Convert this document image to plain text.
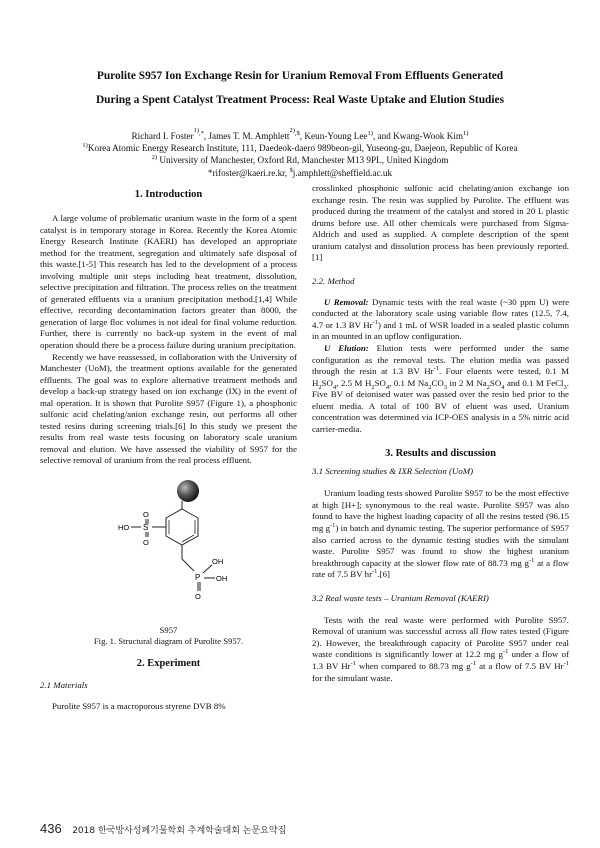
Purolite S957 Ion Exchange Resin for Uranium Removal From Effluents Generated
During a Spent Catalyst Treatment Process: Real Waste Uptake and Elution Studies
Richard I. Foster$^{^{1)},*}$, James T. M. Amphlett$^{^{2)},\$}$, Keun-Young Lee$^{1)}$, and Kwang-Wook Kim$^{1)}$
$^{1)}$Korea Atomic Energy Research Institute, 111, Daedeok-daero 989beon-gil, Yuseong-gu, Daejeon, Republic of Korea
$^{2)}$ University of Manchester, Oxford Rd, Manchester M13 9PL, United Kingdom
*rifoster@kaeri.re.kr, $j.amphlett@sheffield.ac.uk
1. Introduction

A large volume of problematic uranium waste in the form of a spent catalyst is in temporary storage in Korea. Recently the Korea Atomic Energy Research Institute (KAERI) has developed an appropriate method for the treatment, segregation and ultimately safe disposal of this waste.[1-5] This research has led to the development of a process involving multiple unit steps including heat treatment, dissolution, selective precipitation and filtration. The process relies on the treatment of generated effluents via a uranium precipitation method.[1,4] While effective, recording decontamination factors greater than 8000, the generation of large floc volumes is not ideal for final volume reduction. Further, there is currently no back-up system in the event of mal operation should there be a process failure during uranium precipitation.

Recently we have reassessed, in collaboration with the University of Manchester (UoM), the treatment options available for the generated effluents. The goal was to explore alternative treatment methods and develop a back-up strategy based on ion exchange (IX) in the event of mal operation. It is shown that Purolite S957 (Figure 1), a phosphonic sulfonic acid chelating/anion exchange resin, out performs all other tested resins during screening trials.[6] In this study we present the results from real waste tests focusing on laboratory scale uranium removal and elution. We have assessed the viability of S957 for the selective removal of uranium from the real process effluent.

S
O
O
HO
P
O
OH
OH
S957
Fig. 1. Structural diagram of Purolite S957.
2. Experiment
2.1 Materials

Purolite S957 is a macroporous styrene DVB 8%

crosslinked phosphonic sulfonic acid chelating/anion exchange ion exchange resin. The resin was supplied by Purolite. The effluent was produced during the treatment of the catalyst and stored in 20 L plastic drums before use. All other chemicals were purchased from Sigma-Aldrich and used as supplied. A complete description of the spent uranium catalyst and dissolution process has been previously reported.[1]

2.2. Method

U Removal: Dynamic tests with the real waste (~30 ppm U) were conducted at the laboratory scale using variable flow rates (12.5, 7.4, 4.7 or 1.3 BV $Hr^{-1}$) and 1 mL of WSR loaded in a sealed plastic column in an mounted in an upflow configuration.

U Elution: Elution tests were performed under the same configuration as the removal tests. The elution media was passed through the resin at 1.3 BV $Hr^{-1}$. Four eluents were tested, 0.1 M $H_2SO_4$, 2.5 M $H_2SO_4$, 0.1 M $Na_2CO_3$ in 2 M $Na_2SO_4$ and 0.1 M FeCl$_3$. Five BV of deionised water was passed over the resin bed prior to the eluent media. A total of 100 BV of eluent was used. Uranium concentration was determined via ICP-OES analysis in a 5% nitric acid carrier-media.

3. Results and discussion
3.1 Screening studies & IXR Selection (UoM)

Uranium loading tests showed Purolite S957 to be the most effective at high [H+]; synonymous to the real waste. Purolite S957 was also found to have the highest loading capacity of all the resins tested (96.15 mg $g^{-1}$) in batch and dynamic testing. The superior performance of S957 also carried across to the dynamic testing studies with the simulant waste. Purolite S957 was found to show the highest uranium breakthrough capacity at the slower flow rate of 88.73 mg $g^{-1}$ at a flow rate of 7.5 BV $hr^{-1}.[6]$

3.2 Real waste tests – Uranium Removal (KAERI)

Tests with the real waste were performed with Purolite S957. Removal of uranium was successful across all flow rates tested (Figure 2). However, the breakthrough capacity of Purolite S957 under real waste conditions is significantly lower at 12.2 mg $g^{-1}$ under a flow of 1.3 BV $Hr^{-1}$ when compared to 88.73 mg $g^{-1}$ at a flow of 7.5 BV $Hr^{-1}$ for the simulant waste.

436 2018 한국방사성폐기물학회 추계학술대회 논문요약집
